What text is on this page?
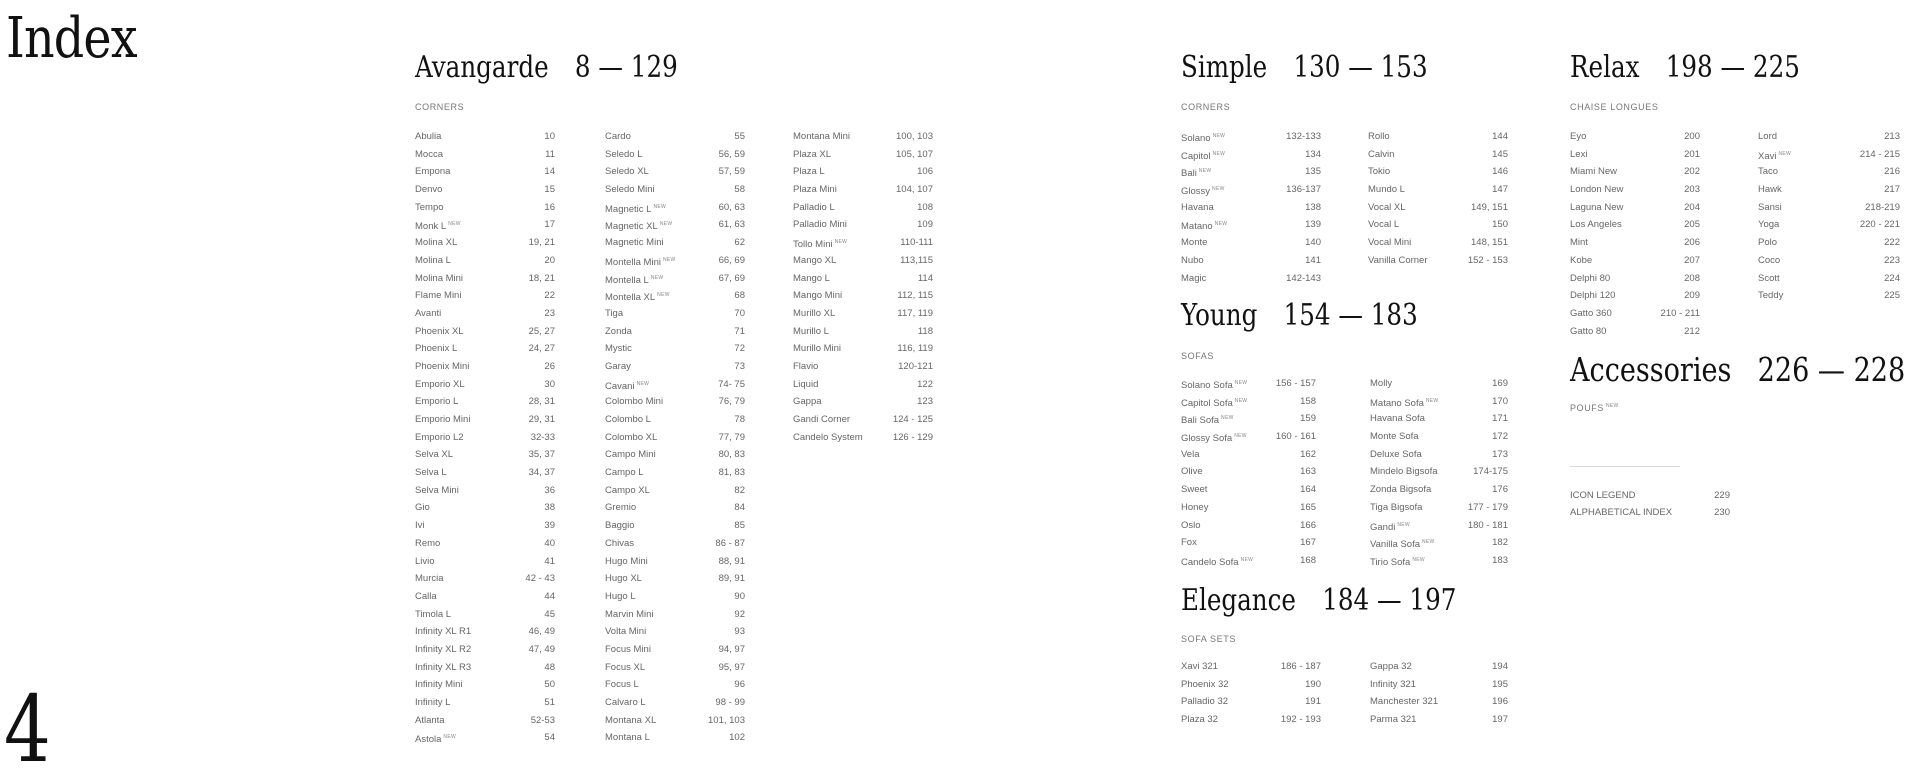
Index
4
Avangarde 8 — 129
CORNERS
Abulia	10
Mocca	11
Empona	14
Denvo	15
Tempo	16
Monk L $^{NEW}$	17
Molina XL	19, 21
Molina L	20
Molina Mini	18, 21
Flame Mini	22
Avanti	23
Phoenix XL	25, 27
Phoenix L	24, 27
Phoenix Mini	26
Emporio XL	30
Emporio L	28, 31
Emporio Mini	29, 31
Emporio L2	32-33
Selva XL	35, 37
Selva L	34, 37
Selva Mini	36
Gio	38
Ivi	39
Remo	40
Livio	41
Murcia	42 - 43
Calla	44
Timola L	45
Infinity XL R1	46, 49
Infinity XL R2	47, 49
Infinity XL R3	48
Infinity Mini	50
Infinity L	51
Atlanta	52-53
Astola $^{NEW}$	54
Cardo	55
Seledo L	56, 59
Seledo XL	57, 59
Seledo Mini	58
Magnetic L $^{NEW}$	60, 63
Magnetic XL $^{NEW}$	61, 63
Magnetic Mini	62
Montella Mini $^{NEW}$	66, 69
Montella L $^{NEW}$	67, 69
Montella XL $^{NEW}$	68
Tiga	70
Zonda	71
Mystic	72
Garay	73
Cavani $^{NEW}$	74- 75
Colombo Mini	76, 79
Colombo L	78
Colombo XL	77, 79
Campo Mini	80, 83
Campo L	81, 83
Campo XL	82
Gremio	84
Baggio	85
Chivas	86 - 87
Hugo Mini	88, 91
Hugo XL	89, 91
Hugo L	90
Marvin Mini	92
Volta Mini	93
Focus Mini	94, 97
Focus XL	95, 97
Focus L	96
Calvaro L	98 - 99
Montana XL	101, 103
Montana L	102
Montana Mini	100, 103
Plaza XL	105, 107
Plaza L	106
Plaza Mini	104, 107
Palladio L	108
Palladio Mini	109
Tollo Mini $^{NEW}$	110-111
Mango XL	113,115
Mango L	114
Mango Mini	112, 115
Murillo XL	117, 119
Murillo L	118
Murillo Mini	116, 119
Flavio	120-121
Liquid	122
Gappa	123
Gandi Corner	124 - 125
Candelo System	126 - 129
Simple 130 — 153
CORNERS
Solano $^{NEW}$	132-133
Capitol $^{NEW}$	134
Bali $^{NEW}$	135
Glossy $^{NEW}$	136-137
Havana	138
Matano $^{NEW}$	139
Monte	140
Nubo	141
Magic	142-143
Rollo	144
Calvin	145
Tokio	146
Mundo L	147
Vocal XL	149, 151
Vocal L	150
Vocal Mini	148, 151
Vanilla Corner	152 - 153
Young 154 — 183
SOFAS
Solano Sofa $^{NEW}$	156 - 157
Capitol Sofa $^{NEW}$	158
Bali Sofa $^{NEW}$	159
Glossy Sofa $^{NEW}$	160 - 161
Vela	162
Olive	163
Sweet	164
Honey	165
Oslo	166
Fox	167
Candelo Sofa $^{NEW}$	168
Molly	169
Matano Sofa $^{NEW}$	170
Havana Sofa	171
Monte Sofa	172
Deluxe Sofa	173
Mindelo Bigsofa	174-175
Zonda Bigsofa	176
Tiga Bigsofa	177 - 179
Gandi $^{NEW}$	180 - 181
Vanilla Sofa $^{NEW}$	182
Tirio Sofa $^{NEW}$	183
Elegance 184 — 197
SOFA SETS
Xavi 321	186 - 187
Phoenix 32	190
Palladio 32	191
Plaza 32	192 - 193
Gappa 32	194
Infinity 321	195
Manchester 321	196
Parma 321	197
Relax 198 — 225
CHAISE LONGUES
Eyo	200
Lexi	201
Miami New	202
London New	203
Laguna New	204
Los Angeles	205
Mint	206
Kobe	207
Delphi 80	208
Delphi 120	209
Gatto 360	210 - 211
Gatto 80	212
Lord	213
Xavi $^{NEW}$	214 - 215
Taco	216
Hawk	217
Sansi	218-219
Yoga	220 - 221
Polo	222
Coco	223
Scott	224
Teddy	225
Accessories 226 — 228
POUFS $^{NEW}$
ICON LEGEND	229
ALPHABETICAL INDEX	230
